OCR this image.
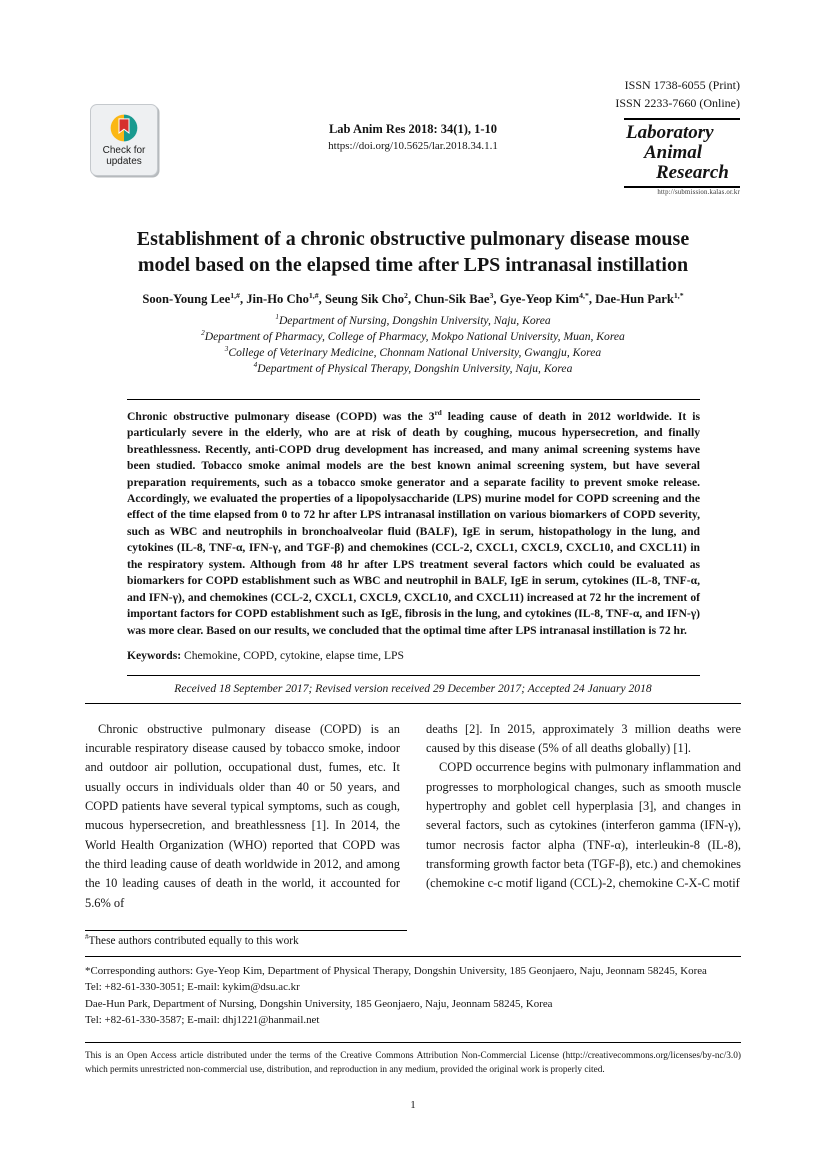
ISSN 1738-6055 (Print)
ISSN 2233-7660 (Online)
Check for
updates
Lab Anim Res 2018: 34(1), 1-10
https://doi.org/10.5625/lar.2018.34.1.1
Laboratory
Animal
Research
http://submission.kalas.or.kr
Establishment of a chronic obstructive pulmonary disease mouse
model based on the elapsed time after LPS intranasal instillation
Soon-Young Lee$^{1,\#}$, Jin-Ho Cho$^{1,\#}$, Seung Sik Cho$^2$, Chun-Sik Bae$^3$, Gye-Yeop Kim$^{4,*}$, Dae-Hun Park$^{1,*}$
$^1$Department of Nursing, Dongshin University, Naju, Korea
$^2$Department of Pharmacy, College of Pharmacy, Mokpo National University, Muan, Korea
$^3$College of Veterinary Medicine, Chonnam National University, Gwangju, Korea
$^4$Department of Physical Therapy, Dongshin University, Naju, Korea

Chronic obstructive pulmonary disease (COPD) was the 3rd leading cause of death in 2012 worldwide. It is particularly severe in the elderly, who are at risk of death by coughing, mucous hypersecretion, and finally breathlessness. Recently, anti-COPD drug development has increased, and many animal screening systems have been studied. Tobacco smoke animal models are the best known animal screening system, but have several preparation requirements, such as a tobacco smoke generator and a separate facility to prevent smoke release. Accordingly, we evaluated the properties of a lipopolysaccharide (LPS) murine model for COPD screening and the effect of the time elapsed from 0 to 72 hr after LPS intranasal instillation on various biomarkers of COPD severity, such as WBC and neutrophils in bronchoalveolar fluid (BALF), IgE in serum, histopathology in the lung, and cytokines (IL-8, TNF-α, IFN-γ, and TGF-β) and chemokines (CCL-2, CXCL1, CXCL9, CXCL10, and CXCL11) in the respiratory system. Although from 48 hr after LPS treatment several factors which could be evaluated as biomarkers for COPD establishment such as WBC and neutrophil in BALF, IgE in serum, cytokines (IL-8, TNF-α, and IFN-γ), and chemokines (CCL-2, CXCL1, CXCL9, CXCL10, and CXCL11) increased at 72 hr the increment of important factors for COPD establishment such as IgE, fibrosis in the lung, and cytokines (IL-8, TNF-α, and IFN-γ) was more clear. Based on our results, we concluded that the optimal time after LPS intranasal instillation is 72 hr.

Keywords: Chemokine, COPD, cytokine, elapse time, LPS

Received 18 September 2017; Revised version received 29 December 2017; Accepted 24 January 2018

Chronic obstructive pulmonary disease (COPD) is an incurable respiratory disease caused by tobacco smoke, indoor and outdoor air pollution, occupational dust, fumes, etc. It usually occurs in individuals older than 40 or 50 years, and COPD patients have several typical symptoms, such as cough, mucous hypersecretion, and breathlessness [1]. In 2014, the World Health Organization (WHO) reported that COPD was the third leading cause of death worldwide in 2012, and among the 10 leading causes of death in the world, it accounted for 5.6% of

deaths [2]. In 2015, approximately 3 million deaths were caused by this disease (5% of all deaths globally) [1].

COPD occurrence begins with pulmonary inflammation and progresses to morphological changes, such as smooth muscle hypertrophy and goblet cell hyperplasia [3], and changes in several factors, such as cytokines (interferon gamma (IFN-γ), tumor necrosis factor alpha (TNF-α), interleukin-8 (IL-8), transforming growth factor beta (TGF-β), etc.) and chemokines (chemokine c-c motif ligand (CCL)-2, chemokine C-X-C motif

#These authors contributed equally to this work
*Corresponding authors: Gye-Yeop Kim, Department of Physical Therapy, Dongshin University, 185 Geonjaero, Naju, Jeonnam 58245, Korea
Tel: +82-61-330-3051; E-mail: kykim@dsu.ac.kr
Dae-Hun Park, Department of Nursing, Dongshin University, 185 Geonjaero, Naju, Jeonnam 58245, Korea
Tel: +82-61-330-3587; E-mail: dhj1221@hanmail.net
This is an Open Access article distributed under the terms of the Creative Commons Attribution Non-Commercial License (http://creativecommons.org/licenses/by-nc/3.0) which permits unrestricted non-commercial use, distribution, and reproduction in any medium, provided the original work is properly cited.
1
